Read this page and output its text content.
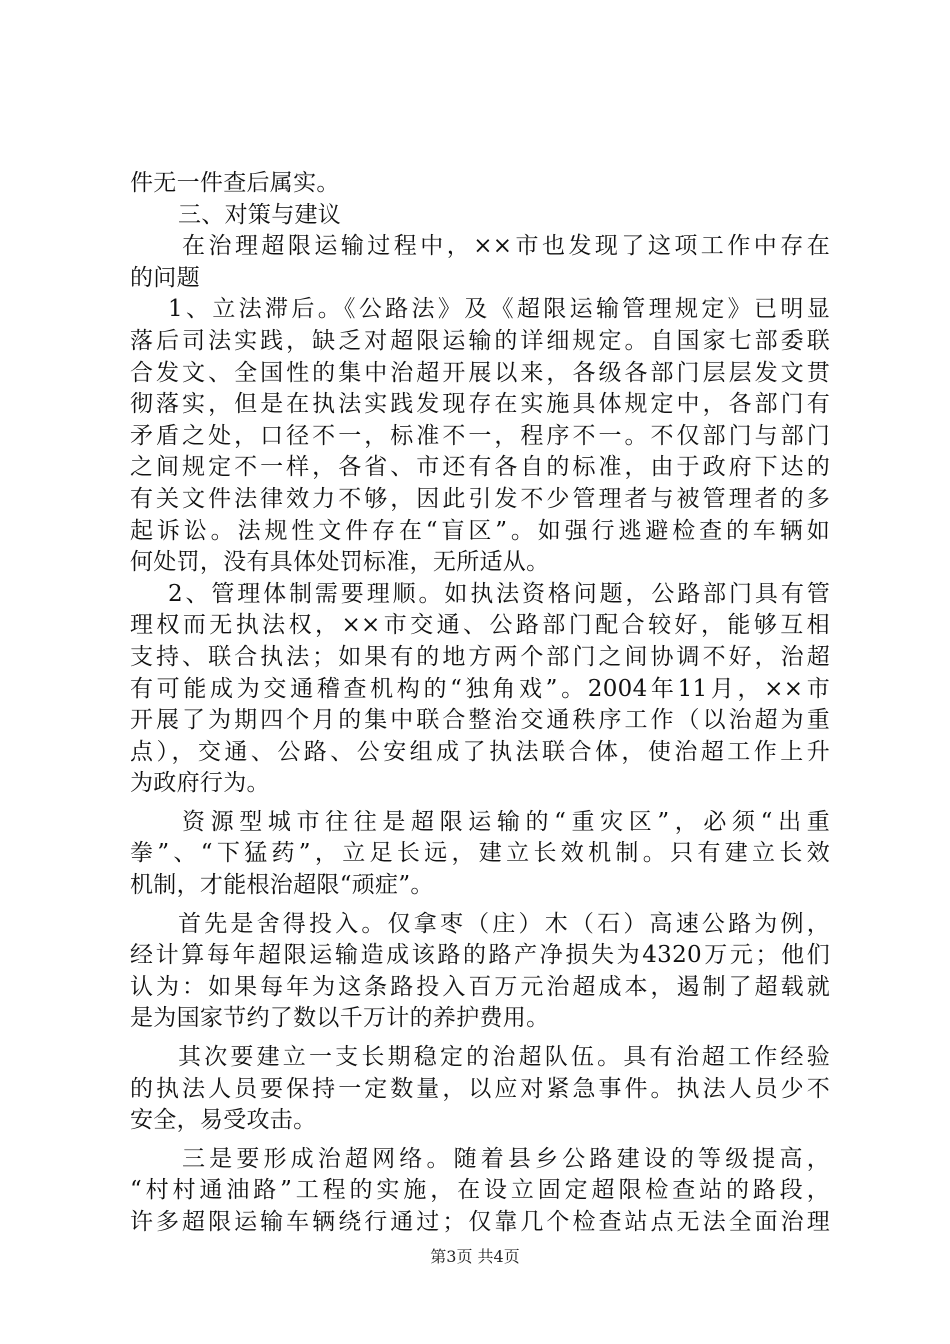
件无一件查后属实。
三、对策与建议
在治理超限运输过程中，××市也发现了这项工作中存在
的问题
1、立法滞后。《公路法》及《超限运输管理规定》已明显
落后司法实践，缺乏对超限运输的详细规定。自国家七部委联
合发文、全国性的集中治超开展以来，各级各部门层层发文贯
彻落实，但是在执法实践发现存在实施具体规定中，各部门有
矛盾之处，口径不一，标准不一，程序不一。不仅部门与部门
之间规定不一样，各省、市还有各自的标准，由于政府下达的
有关文件法律效力不够，因此引发不少管理者与被管理者的多
起诉讼。法规性文件存在“盲区”。如强行逃避检查的车辆如
何处罚，没有具体处罚标准，无所适从。
2、管理体制需要理顺。如执法资格问题，公路部门具有管
理权而无执法权，××市交通、公路部门配合较好，能够互相
支持、联合执法；如果有的地方两个部门之间协调不好，治超
有可能成为交通稽查机构的“独角戏”。2004年11月，××市
开展了为期四个月的集中联合整治交通秩序工作（以治超为重
点），交通、公路、公安组成了执法联合体，使治超工作上升
为政府行为。
资源型城市往往是超限运输的“重灾区”，必须“出重
拳”、“下猛药”，立足长远，建立长效机制。只有建立长效
机制，才能根治超限“顽症”。
首先是舍得投入。仅拿枣（庄）木（石）高速公路为例，
经计算每年超限运输造成该路的路产净损失为4320万元；他们
认为：如果每年为这条路投入百万元治超成本，遏制了超载就
是为国家节约了数以千万计的养护费用。
其次要建立一支长期稳定的治超队伍。具有治超工作经验
的执法人员要保持一定数量，以应对紧急事件。执法人员少不
安全，易受攻击。
三是要形成治超网络。随着县乡公路建设的等级提高，
“村村通油路”工程的实施，在设立固定超限检查站的路段，
许多超限运输车辆绕行通过；仅靠几个检查站点无法全面治理
第3页 共4页
